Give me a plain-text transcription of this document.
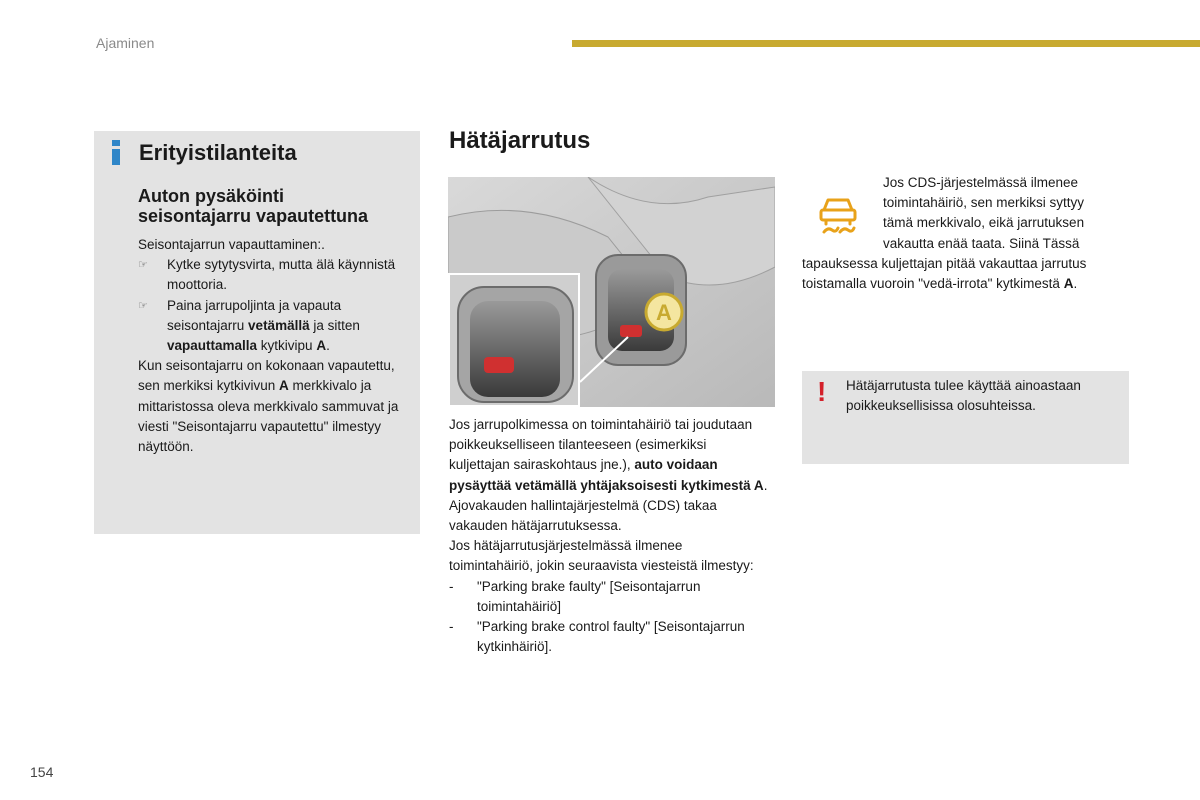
Ajaminen
Erityistilanteita
Auton pysäköinti
seisontajarru vapautettuna

Seisontajarrun vapauttaminen:.

☞	Kytke sytytysvirta, mutta älä käynnistä moottoria.
☞	Paina jarrupoljinta ja vapauta seisontajarru vetämällä ja sitten vapauttamalla kytkivipu A.

Kun seisontajarru on kokonaan vapautettu, sen merkiksi kytkivivun A merkkivalo ja mittaristossa oleva merkkivalo sammuvat ja viesti "Seisontajarru vapautettu" ilmestyy näyttöön.

Hätäjarrutus
A

Jos jarrupolkimessa on toimintahäiriö tai joudutaan poikkeukselliseen tilanteeseen (esimerkiksi kuljettajan sairaskohtaus jne.), auto voidaan pysäyttää vetämällä yhtäjaksoisesti kytkimestä A.

Ajovakauden hallintajärjestelmä (CDS) takaa vakauden hätäjarrutuksessa.

Jos hätäjarrutusjärjestelmässä ilmenee toimintahäiriö, jokin seuraavista viesteistä ilmestyy:

-	"Parking brake faulty" [Seisontajarrun toimintahäiriö]
-	"Parking brake control faulty" [Seisontajarrun kytkinhäiriö].
Jos CDS-järjestelmässä ilmenee
toimintahäiriö, sen merkiksi syttyy
tämä merkkivalo, eikä jarrutuksen
vakautta enää taata. Siinä Tässä
tapauksessa kuljettajan pitää vakauttaa jarrutus toistamalla vuoroin "vedä-irrota" kytkimestä A.
! Hätäjarrutusta tulee käyttää ainoastaan poikkeuksellisissa olosuhteissa.
154
